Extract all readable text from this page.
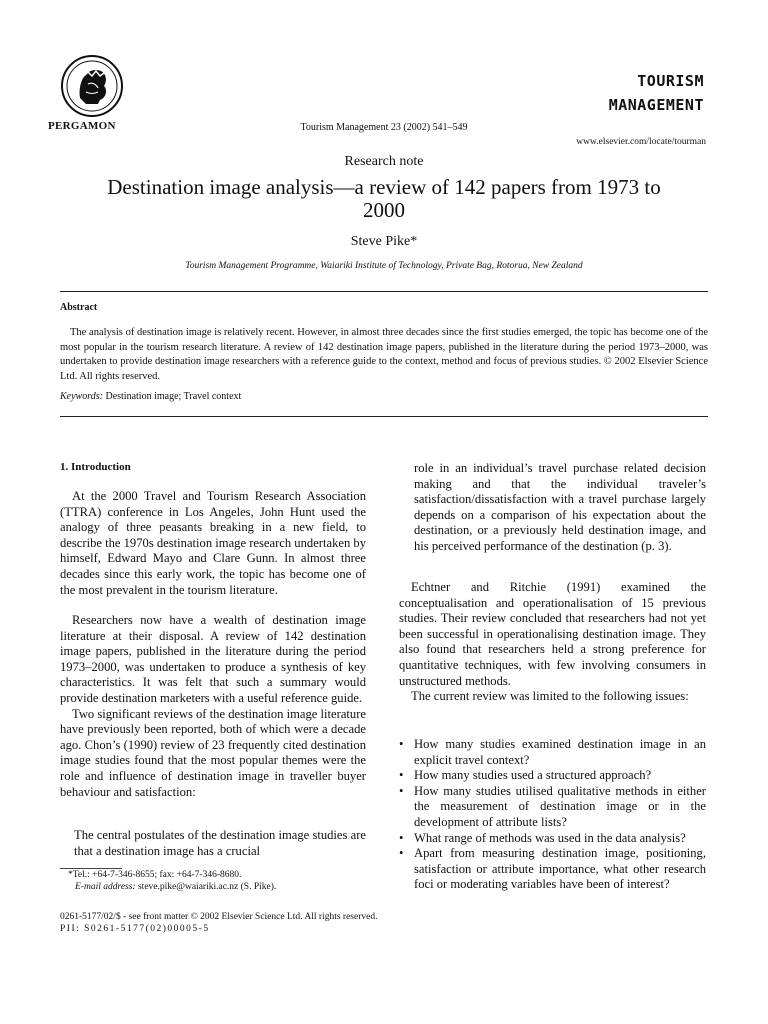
PERGAMON	Tourism Management 23 (2002) 541–549
TOURISM
MANAGEMENT
www.elsevier.com/locate/tourman
Research note
Destination image analysis—a review of 142 papers from 1973 to 2000
Steve Pike*
Tourism Management Programme, Waiariki Institute of Technology, Private Bag, Rotorua, New Zealand
Abstract
The analysis of destination image is relatively recent. However, in almost three decades since the first studies emerged, the topic has become one of the most popular in the tourism research literature. A review of 142 destination image papers, published in the literature during the period 1973–2000, was undertaken to provide destination image researchers with a reference guide to the context, method and focus of previous studies. © 2002 Elsevier Science Ltd. All rights reserved.
Keywords: Destination image; Travel context
1. Introduction
At the 2000 Travel and Tourism Research Association (TTRA) conference in Los Angeles, John Hunt used the analogy of three peasants breaking in a new field, to describe the 1970s destination image research undertaken by himself, Edward Mayo and Clare Gunn. In almost three decades since this early work, the topic has become one of the most prevalent in the tourism literature.

Researchers now have a wealth of destination image literature at their disposal. A review of 142 destination image papers, published in the literature during the period 1973–2000, was undertaken to produce a synthesis of key characteristics. It was felt that such a summary would provide destination marketers with a useful reference guide.

Two significant reviews of the destination image literature have previously been reported, both of which were a decade ago. Chon’s (1990) review of 23 frequently cited destination image studies found that the most popular themes were the role and influence of destination image in traveller buyer behaviour and satisfaction:

The central postulates of the destination image studies are that a destination image has a crucial
*Tel.: +64-7-346-8655; fax: +64-7-346-8680.
E-mail address: steve.pike@waiariki.ac.nz (S. Pike).
role in an individual’s travel purchase related decision making and that the individual traveler’s satisfaction/dissatisfaction with a travel purchase largely depends on a comparison of his expectation about the destination, or a previously held destination image, and his perceived performance of the destination (p. 3).

Echtner and Ritchie (1991) examined the conceptualisation and operationalisation of 15 previous studies. Their review concluded that researchers had not yet been successful in operationalising destination image. They also found that researchers held a strong preference for quantitative techniques, with few involving consumers in unstructured methods.

The current review was limited to the following issues:

• How many studies examined destination image in an explicit travel context?
• How many studies used a structured approach?
• How many studies utilised qualitative methods in either the measurement of destination image or in the development of attribute lists?
• What range of methods was used in the data analysis?
• Apart from measuring destination image, positioning, satisfaction or attribute importance, what other research foci or moderating variables have been of interest?
0261-5177/02/$ - see front matter © 2002 Elsevier Science Ltd. All rights reserved.
PII: S0261-5177(02)00005-5
